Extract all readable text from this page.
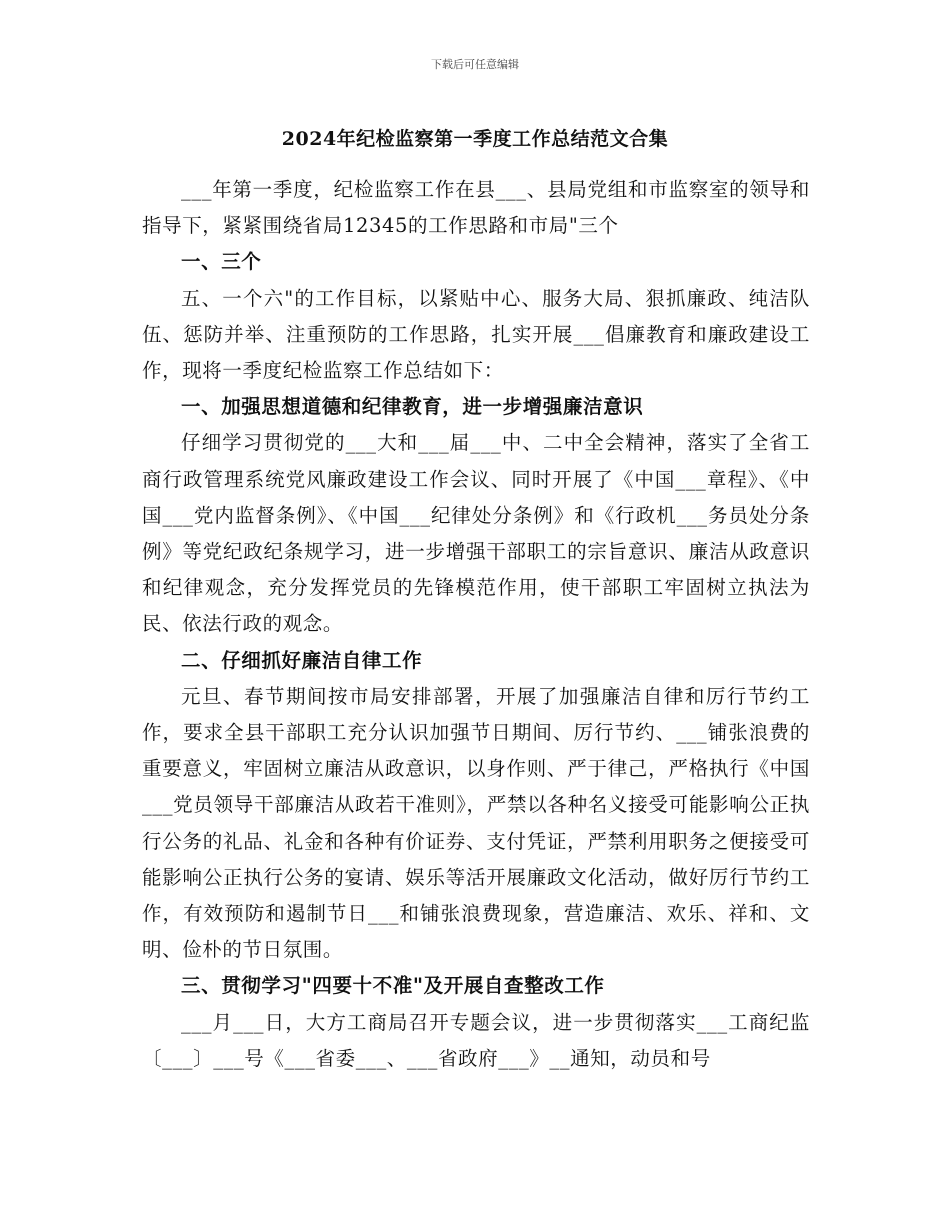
下载后可任意编辑
2024年纪检监察第一季度工作总结范文合集

___年第一季度，纪检监察工作在县___、县局党组和市监察室的领导和指导下，紧紧围绕省局12345的工作思路和市局"三个

一、三个

五、一个六"的工作目标，以紧贴中心、服务大局、狠抓廉政、纯洁队伍、惩防并举、注重预防的工作思路，扎实开展___倡廉教育和廉政建设工作，现将一季度纪检监察工作总结如下：

一、加强思想道德和纪律教育，进一步增强廉洁意识

仔细学习贯彻党的___大和___届___中、二中全会精神，落实了全省工商行政管理系统党风廉政建设工作会议、同时开展了《中国___章程》、《中国___党内监督条例》、《中国___纪律处分条例》和《行政机___务员处分条例》等党纪政纪条规学习，进一步增强干部职工的宗旨意识、廉洁从政意识和纪律观念，充分发挥党员的先锋模范作用，使干部职工牢固树立执法为民、依法行政的观念。

二、仔细抓好廉洁自律工作

元旦、春节期间按市局安排部署，开展了加强廉洁自律和厉行节约工作，要求全县干部职工充分认识加强节日期间、厉行节约、___铺张浪费的重要意义，牢固树立廉洁从政意识，以身作则、严于律己，严格执行《中国___党员领导干部廉洁从政若干准则》，严禁以各种名义接受可能影响公正执行公务的礼品、礼金和各种有价证券、支付凭证，严禁利用职务之便接受可能影响公正执行公务的宴请、娱乐等活开展廉政文化活动，做好厉行节约工作，有效预防和遏制节日___和铺张浪费现象，营造廉洁、欢乐、祥和、文明、俭朴的节日氛围。

三、贯彻学习"四要十不准"及开展自查整改工作

___月___日，大方工商局召开专题会议，进一步贯彻落实___工商纪监〔___〕___号《___省委___、___省政府___》__通知，动员和号
